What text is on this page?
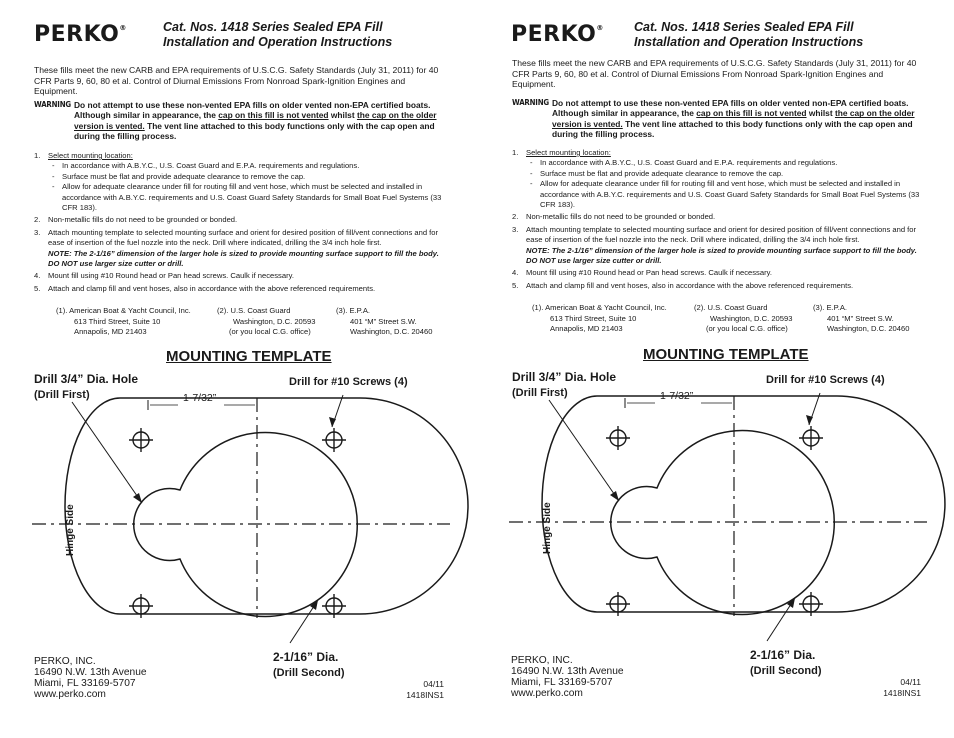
PERKO®	Cat. Nos. 1418 Series Sealed EPA Fill
Installation and Operation Instructions
These fills meet the new CARB and EPA requirements of U.S.C.G. Safety Standards (July 31, 2011) for 40 CFR Parts 9, 60, 80 et al. Control of Diurnal Emissions From Nonroad Spark-Ignition Engines and Equipment.
WARNING Do not attempt to use these non-vented EPA fills on older vented non-EPA certified boats. Although similar in appearance, the cap on this fill is not vented whilst the cap on the older version is vented. The vent line attached to this body functions only with the cap open and during the filling process.
1. Select mounting location:
- In accordance with A.B.Y.C., U.S. Coast Guard and E.P.A. requirements and regulations.
- Surface must be flat and provide adequate clearance to remove the cap.
- Allow for adequate clearance under fill for routing fill and vent hose, which must be selected and installed in accordance with A.B.Y.C. requirements and U.S. Coast Guard Safety Standards for Small Boat Fuel Systems (33 CFR 183).
2. Non-metallic fills do not need to be grounded or bonded.
3. Attach mounting template to selected mounting surface and orient for desired position of fill/vent connections and for ease of insertion of the fuel nozzle into the neck. Drill where indicated, drilling the 3/4 inch hole first.
NOTE: The 2-1/16” dimension of the larger hole is sized to provide mounting surface support to fill the body. DO NOT use larger size cutter or drill.
4. Mount fill using #10 Round head or Pan head screws. Caulk if necessary.
5. Attach and clamp fill and vent hoses, also in accordance with the above referenced requirements.
(1). American Boat & Yacht Council, Inc.
613 Third Street, Suite 10
Annapolis, MD 21403
(2). U.S. Coast Guard
Washington, D.C. 20593
(or you local C.G. office)
(3). E.P.A.
401 “M” Street S.W.
Washington, D.C. 20460
MOUNTING TEMPLATE
Drill 3/4” Dia. Hole
(Drill First)	1-7/32”
Drill for #10 Screws (4)
Hinge Side
2-1/16” Dia.
(Drill Second)
PERKO, INC.
16490 N.W. 13th Avenue
Miami, FL 33169-5707
www.perko.com
04/11
1418INS1
PERKO® Cat. Nos. 1418 Series Sealed EPA Fill
Installation and Operation Instructions
These fills meet the new CARB and EPA requirements of U.S.C.G. Safety Standards (July 31, 2011) for 40 CFR Parts 9, 60, 80 et al. Control of Diurnal Emissions From Nonroad Spark-Ignition Engines and Equipment.
WARNING Do not attempt to use these non-vented EPA fills on older vented non-EPA certified boats. Although similar in appearance, the cap on this fill is not vented whilst the cap on the older version is vented. The vent line attached to this body functions only with the cap open and during the filling process.
1. Select mounting location:
- In accordance with A.B.Y.C., U.S. Coast Guard and E.P.A. requirements and regulations.
- Surface must be flat and provide adequate clearance to remove the cap.
- Allow for adequate clearance under fill for routing fill and vent hose, which must be selected and installed in accordance with A.B.Y.C. requirements and U.S. Coast Guard Safety Standards for Small Boat Fuel Systems (33 CFR 183).
2. Non-metallic fills do not need to be grounded or bonded.
3. Attach mounting template to selected mounting surface and orient for desired position of fill/vent connections and for ease of insertion of the fuel nozzle into the neck. Drill where indicated, drilling the 3/4 inch hole first.
NOTE: The 2-1/16” dimension of the larger hole is sized to provide mounting surface support to fill the body. DO NOT use larger size cutter or drill.
4. Mount fill using #10 Round head or Pan head screws. Caulk if necessary.
5. Attach and clamp fill and vent hoses, also in accordance with the above referenced requirements.
(1). American Boat & Yacht Council, Inc.
613 Third Street, Suite 10
Annapolis, MD 21403
(2). U.S. Coast Guard
Washington, D.C. 20593
(or you local C.G. office)
(3). E.P.A.
401 “M” Street S.W.
Washington, D.C. 20460
MOUNTING TEMPLATE
Drill 3/4” Dia. Hole
(Drill First)	1-7/32”
Drill for #10 Screws (4)
Hinge Side
2-1/16” Dia.
(Drill Second)
PERKO, INC.
16490 N.W. 13th Avenue
Miami, FL 33169-5707
www.perko.com
04/11
1418INS1
